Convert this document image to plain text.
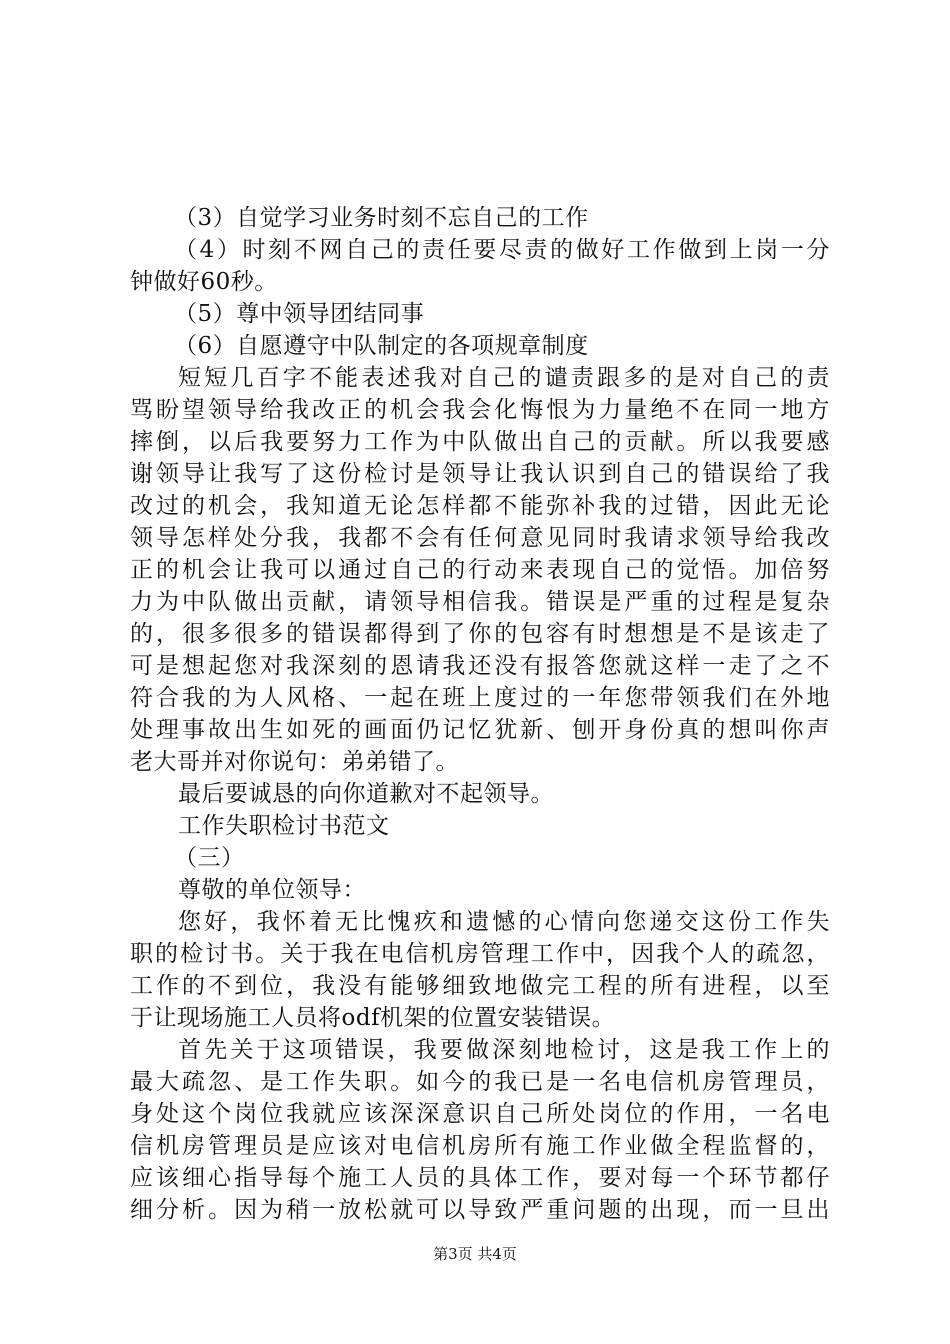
（3）自觉学习业务时刻不忘自己的工作
（4）时刻不网自己的责任要尽责的做好工作做到上岗一分
钟做好60秒。
（5）尊中领导团结同事
（6）自愿遵守中队制定的各项规章制度
短短几百字不能表述我对自己的谴责跟多的是对自己的责
骂盼望领导给我改正的机会我会化悔恨为力量绝不在同一地方
摔倒，以后我要努力工作为中队做出自己的贡献。所以我要感
谢领导让我写了这份检讨是领导让我认识到自己的错误给了我
改过的机会，我知道无论怎样都不能弥补我的过错，因此无论
领导怎样处分我，我都不会有任何意见同时我请求领导给我改
正的机会让我可以通过自己的行动来表现自己的觉悟。加倍努
力为中队做出贡献，请领导相信我。错误是严重的过程是复杂
的，很多很多的错误都得到了你的包容有时想想是不是该走了
可是想起您对我深刻的恩请我还没有报答您就这样一走了之不
符合我的为人风格、一起在班上度过的一年您带领我们在外地
处理事故出生如死的画面仍记忆犹新、刨开身份真的想叫你声
老大哥并对你说句：弟弟错了。
最后要诚恳的向你道歉对不起领导。
工作失职检讨书范文
（三）
尊敬的单位领导：
您好，我怀着无比愧疚和遗憾的心情向您递交这份工作失
职的检讨书。关于我在电信机房管理工作中，因我个人的疏忽，
工作的不到位，我没有能够细致地做完工程的所有进程，以至
于让现场施工人员将odf机架的位置安装错误。
首先关于这项错误，我要做深刻地检讨，这是我工作上的
最大疏忽、是工作失职。如今的我已是一名电信机房管理员，
身处这个岗位我就应该深深意识自己所处岗位的作用，一名电
信机房管理员是应该对电信机房所有施工作业做全程监督的，
应该细心指导每个施工人员的具体工作，要对每一个环节都仔
细分析。因为稍一放松就可以导致严重问题的出现，而一旦出
第3页 共4页
